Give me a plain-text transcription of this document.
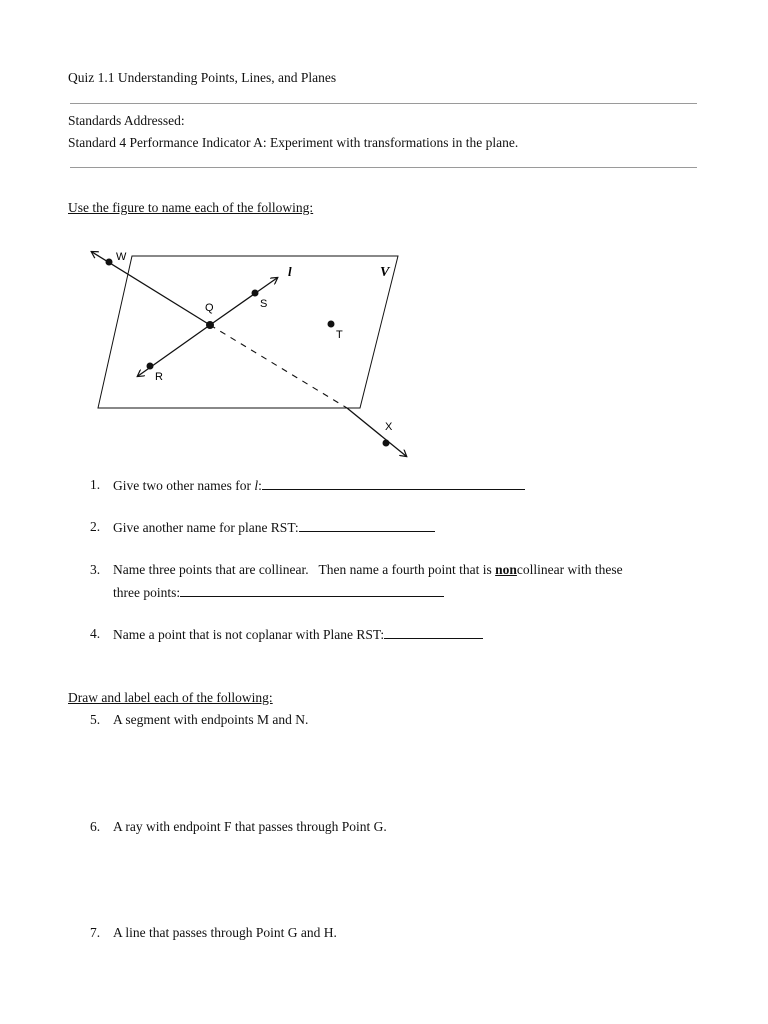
Quiz 1.1 Understanding Points, Lines, and Planes
Standards Addressed:
Standard 4 Performance Indicator A: Experiment with transformations in the plane.
Use the figure to name each of the following:
W
Q	S
T
R
X
l	V
1. Give two other names for l:
2. Give another name for plane RST:
3. Name three points that are collinear.   Then name a fourth point that is noncollinear with these
three points:
4. Name a point that is not coplanar with Plane RST:
Draw and label each of the following:
5. A segment with endpoints M and N.
6. A ray with endpoint F that passes through Point G.
7. A line that passes through Point G and H.
